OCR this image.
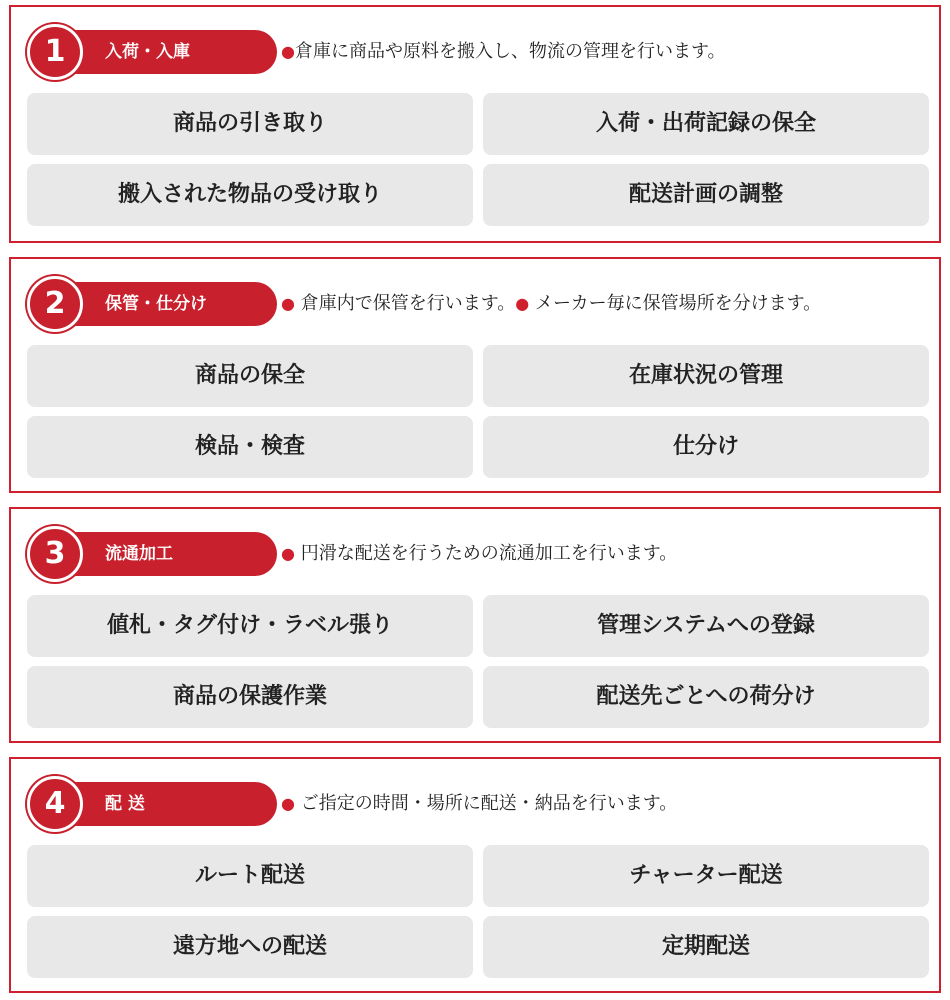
入荷・入庫
1	●倉庫に商品や原料を搬入し、物流の管理を行います。
商品の引き取り	入荷・出荷記録の保全
搬入された物品の受け取り	配送計画の調整
保管・仕分け
2	● 倉庫内で保管を行います。● メーカー毎に保管場所を分けます。
商品の保全	在庫状況の管理
検品・検査	仕分け
流通加工
3	● 円滑な配送を行うための流通加工を行います。
値札・タグ付け・ラベル張り	管理システムへの登録
商品の保護作業	配送先ごとへの荷分け
配 送
4	● ご指定の時間・場所に配送・納品を行います。
ルート配送	チャーター配送
遠方地への配送	定期配送
